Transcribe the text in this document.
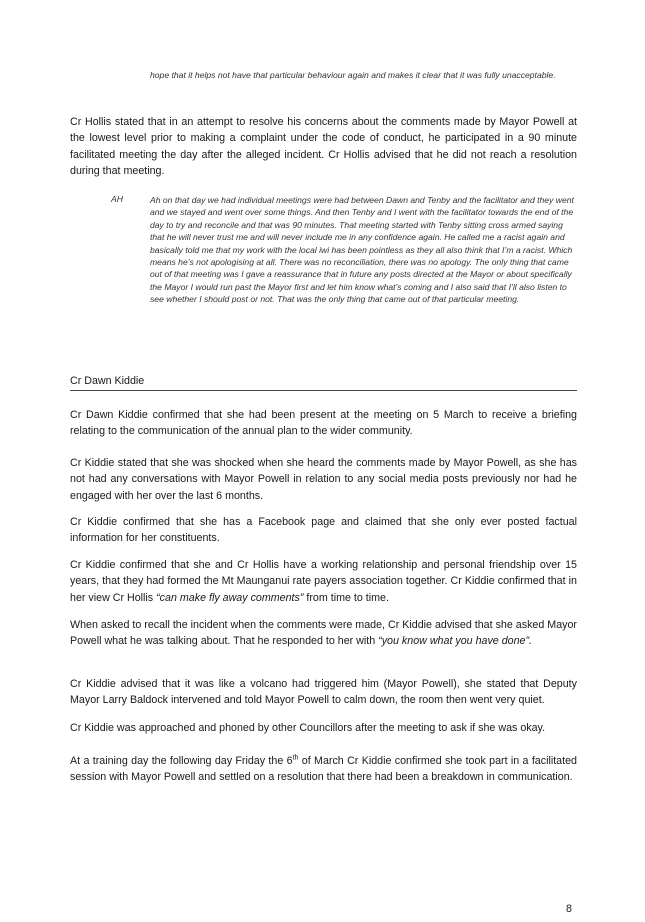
hope that it helps not have that particular behaviour again and makes it clear that it was fully unacceptable.
Cr Hollis stated that in an attempt to resolve his concerns about the comments made by Mayor Powell at the lowest level prior to making a complaint under the code of conduct, he participated in a 90 minute facilitated meeting the day after the alleged incident. Cr Hollis advised that he did not reach a resolution during that meeting.
AH	Ah on that day we had individual meetings were had between Dawn and Tenby and the facilitator and they went and we stayed and went over some things. And then Tenby and I went with the facilitator towards the end of the day to try and reconcile and that was 90 minutes. That meeting started with Tenby sitting cross armed saying that he will never trust me and will never include me in any confidence again. He called me a racist again and basically told me that my work with the local iwi has been pointless as they all also think that I’m a racist. Which means he’s not apologising at all. There was no reconciliation, there was no apology. The only thing that came out of that meeting was I gave a reassurance that in future any posts directed at the Mayor or about specifically the Mayor I would run past the Mayor first and let him know what’s coming and I also said that I’ll also listen to see whether I should post or not. That was the only thing that came out of that particular meeting.
Cr Dawn Kiddie
Cr Dawn Kiddie confirmed that she had been present at the meeting on 5 March to receive a briefing relating to the communication of the annual plan to the wider community.
Cr Kiddie stated that she was shocked when she heard the comments made by Mayor Powell, as she has not had any conversations with Mayor Powell in relation to any social media posts previously nor had he engaged with her over the last 6 months.
Cr Kiddie confirmed that she has a Facebook page and claimed that she only ever posted factual information for her constituents.
Cr Kiddie confirmed that she and Cr Hollis have a working relationship and personal friendship over 15 years, that they had formed the Mt Maunganui rate payers association together. Cr Kiddie confirmed that in her view Cr Hollis “can make fly away comments” from time to time.
When asked to recall the incident when the comments were made, Cr Kiddie advised that she asked Mayor Powell what he was talking about. That he responded to her with “you know what you have done”.
Cr Kiddie advised that it was like a volcano had triggered him (Mayor Powell), she stated that Deputy Mayor Larry Baldock intervened and told Mayor Powell to calm down, the room then went very quiet.
Cr Kiddie was approached and phoned by other Councillors after the meeting to ask if she was okay.
At a training day the following day Friday the 6th of March Cr Kiddie confirmed she took part in a facilitated session with Mayor Powell and settled on a resolution that there had been a breakdown in communication.
8
